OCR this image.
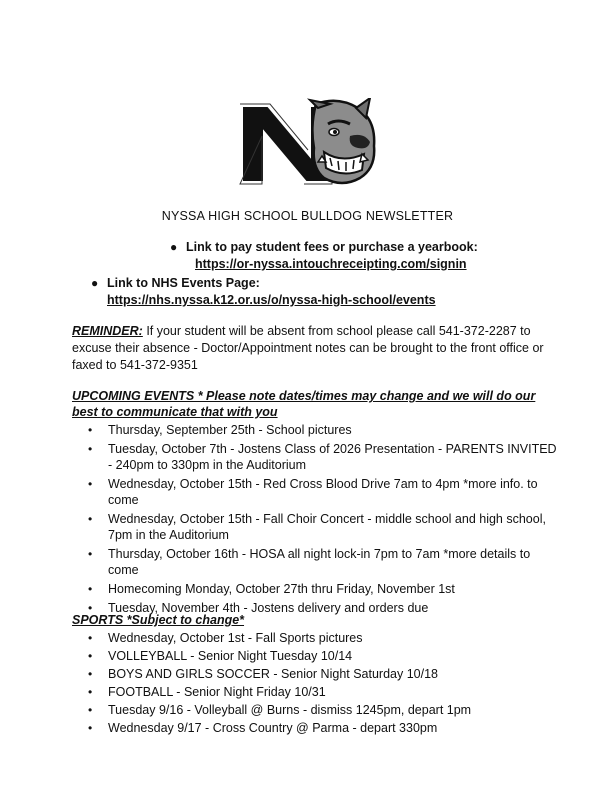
NYSSA HIGH SCHOOL BULLDOG NEWSLETTER
● Link to pay student fees or purchase a yearbook:
https://or-nyssa.intouchreceipting.com/signin
● Link to NHS Events Page:
https://nhs.nyssa.k12.or.us/o/nyssa-high-school/events
REMINDER: If your student will be absent from school please call 541-372-2287 to excuse their absence - Doctor/Appointment notes can be brought to the front office or faxed to 541-372-9351
UPCOMING EVENTS * Please note dates/times may change and we will do our best to communicate that with you
• Thursday, September 25th - School pictures
• Tuesday, October 7th - Jostens Class of 2026 Presentation - PARENTS INVITED - 240pm to 330pm in the Auditorium
• Wednesday, October 15th - Red Cross Blood Drive 7am to 4pm *more info. to come
• Wednesday, October 15th - Fall Choir Concert - middle school and high school, 7pm in the Auditorium
• Thursday, October 16th - HOSA all night lock-in 7pm to 7am *more details to come
• Homecoming Monday, October 27th thru Friday, November 1st
• Tuesday, November 4th - Jostens delivery and orders due
SPORTS *Subject to change*
• Wednesday, October 1st - Fall Sports pictures
• VOLLEYBALL - Senior Night Tuesday 10/14
• BOYS AND GIRLS SOCCER - Senior Night Saturday 10/18
• FOOTBALL - Senior Night Friday 10/31
• Tuesday 9/16 - Volleyball @ Burns - dismiss 1245pm, depart 1pm
• Wednesday 9/17 - Cross Country @ Parma - depart 330pm
